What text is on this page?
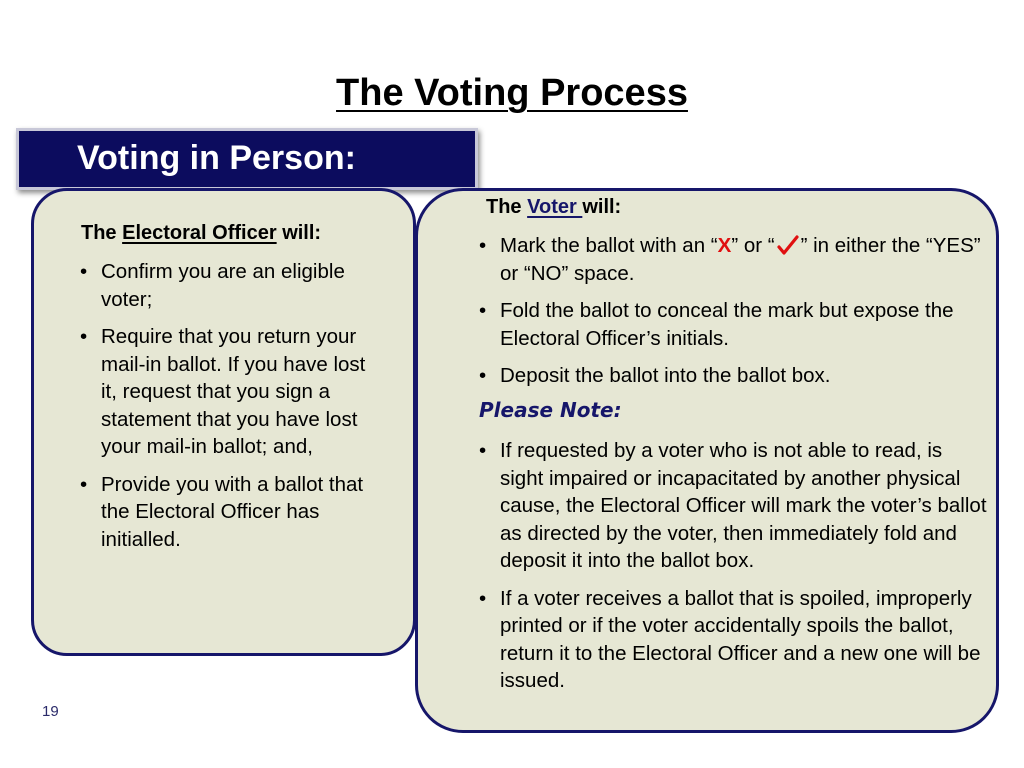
The Voting Process
Voting in Person:
The Electoral Officer will:
• Confirm you are an eligible voter;
• Require that you return your mail-in ballot. If you have lost it, request that you sign a statement that you have lost your mail-in ballot; and,
• Provide you with a ballot that the Electoral Officer has initialled.
The Voter will:
• Mark the ballot with an “X” or “ ” in either the “YES” or “NO” space.
• Fold the ballot to conceal the mark but expose the Electoral Officer’s initials.
• Deposit the ballot into the ballot box.
Please Note:
• If requested by a voter who is not able to read, is sight impaired or incapacitated by another physical cause, the Electoral Officer will mark the voter’s ballot as directed by the voter, then immediately fold and deposit it into the ballot box.
• If a voter receives a ballot that is spoiled, improperly printed or if the voter accidentally spoils the ballot, return it to the Electoral Officer and a new one will be issued.
19
